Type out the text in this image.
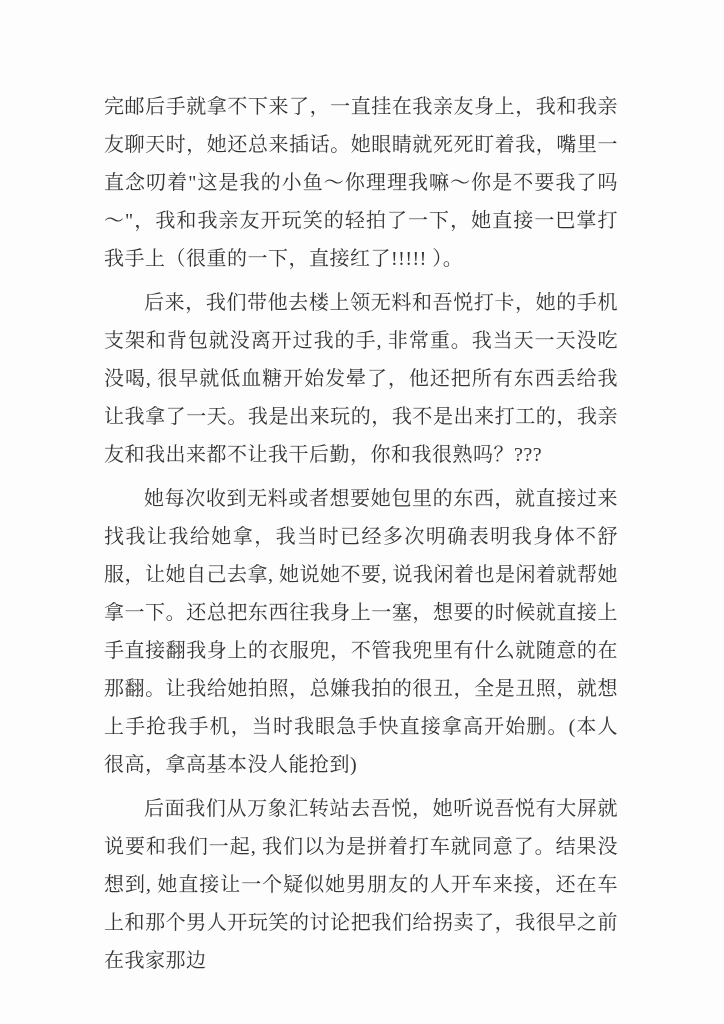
完邮后手就拿不下来了，一直挂在我亲友身上，我和我亲友聊天时，她还总来插话。她眼睛就死死盯着我，嘴里一直念叨着"这是我的小鱼～你理理我嘛～你是不要我了吗～"，我和我亲友开玩笑的轻拍了一下，她直接一巴掌打我手上（很重的一下，直接红了!!!!! ）。

后来，我们带他去楼上领无料和吾悦打卡，她的手机支架和背包就没离开过我的手, 非常重。我当天一天没吃没喝, 很早就低血糖开始发晕了，他还把所有东西丢给我让我拿了一天。我是出来玩的，我不是出来打工的，我亲友和我出来都不让我干后勤，你和我很熟吗？???

她每次收到无料或者想要她包里的东西，就直接过来找我让我给她拿，我当时已经多次明确表明我身体不舒服，让她自己去拿, 她说她不要, 说我闲着也是闲着就帮她拿一下。还总把东西往我身上一塞，想要的时候就直接上手直接翻我身上的衣服兜，不管我兜里有什么就随意的在那翻。让我给她拍照，总嫌我拍的很丑，全是丑照，就想上手抢我手机，当时我眼急手快直接拿高开始删。(本人很高，拿高基本没人能抢到)

后面我们从万象汇转站去吾悦，她听说吾悦有大屏就说要和我们一起, 我们以为是拼着打车就同意了。结果没想到, 她直接让一个疑似她男朋友的人开车来接，还在车上和那个男人开玩笑的讨论把我们给拐卖了，我很早之前在我家那边
